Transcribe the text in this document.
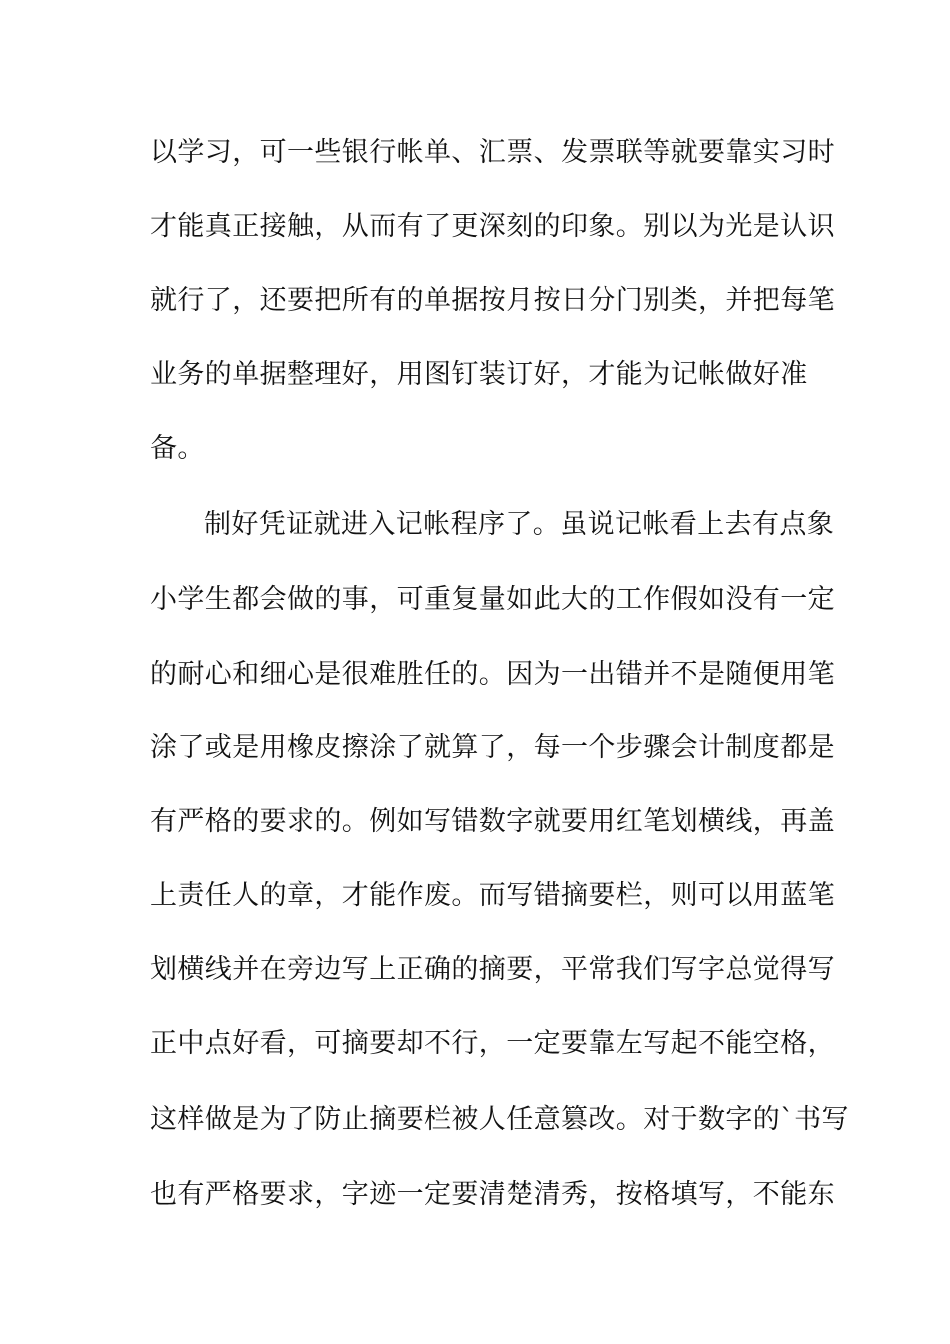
以学习，可一些银行帐单、汇票、发票联等就要靠实习时
才能真正接触，从而有了更深刻的印象。别以为光是认识
就行了，还要把所有的单据按月按日分门别类，并把每笔
业务的单据整理好，用图钉装订好，才能为记帐做好准
备。
制好凭证就进入记帐程序了。虽说记帐看上去有点象
小学生都会做的事，可重复量如此大的工作假如没有一定
的耐心和细心是很难胜任的。因为一出错并不是随便用笔
涂了或是用橡皮擦涂了就算了，每一个步骤会计制度都是
有严格的要求的。例如写错数字就要用红笔划横线，再盖
上责任人的章，才能作废。而写错摘要栏，则可以用蓝笔
划横线并在旁边写上正确的摘要，平常我们写字总觉得写
正中点好看，可摘要却不行，一定要靠左写起不能空格，
这样做是为了防止摘要栏被人任意篡改。对于数字的`书写
也有严格要求，字迹一定要清楚清秀，按格填写，不能东
